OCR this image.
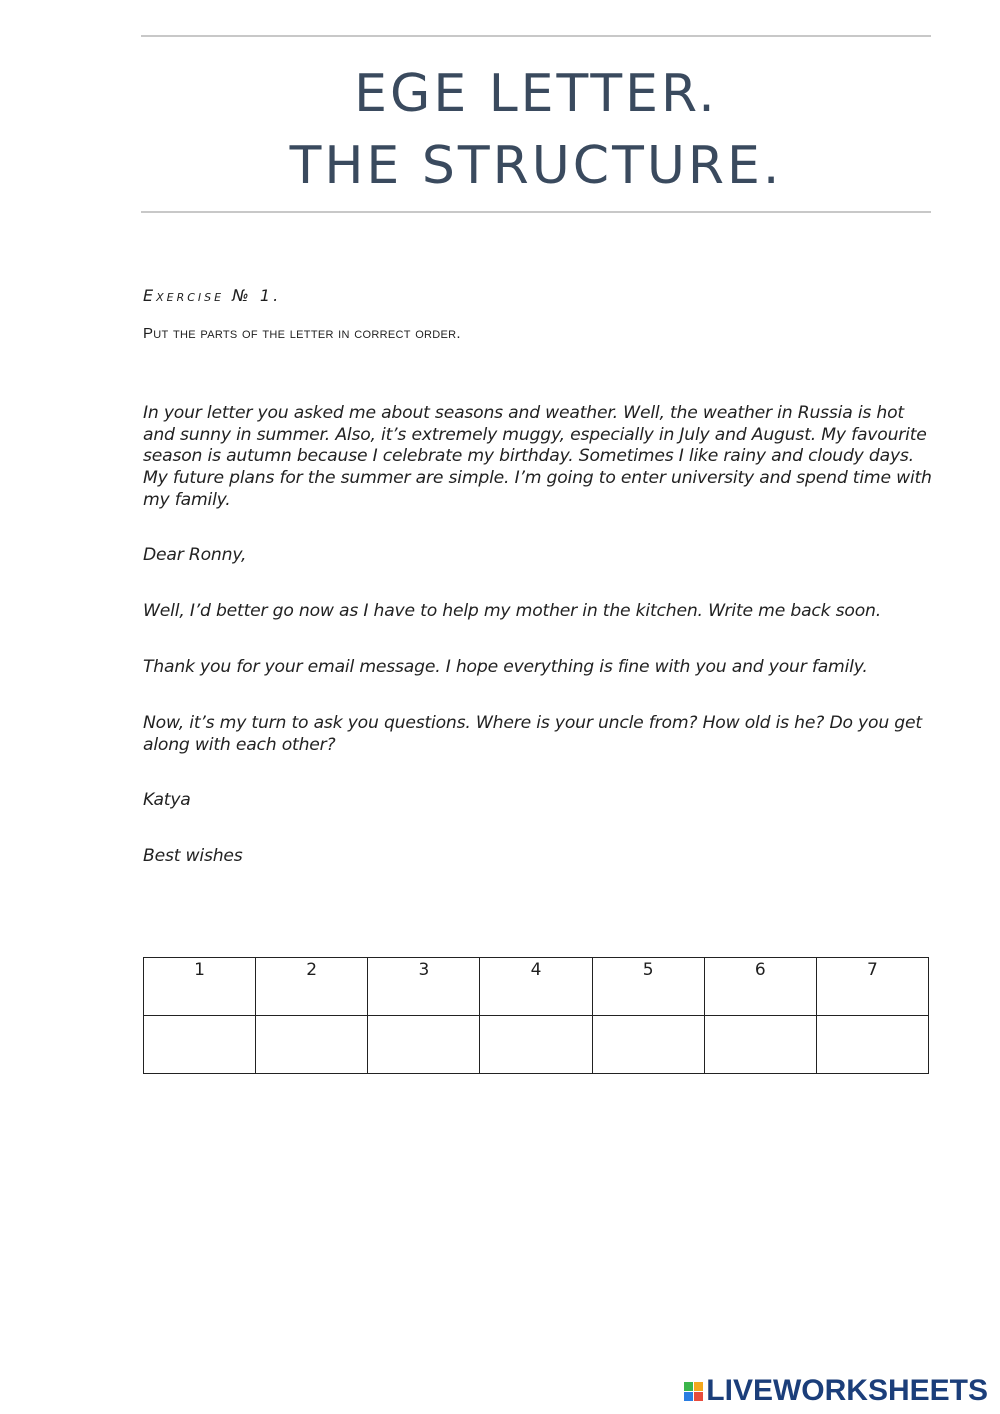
EGE LETTER.
THE STRUCTURE.
Exercise № 1.
Put the parts of the letter in correct order.
In your letter you asked me about seasons and weather. Well, the weather in Russia is hot and sunny in summer. Also, it’s extremely muggy, especially in July and August. My favourite season is autumn because I celebrate my birthday. Sometimes I like rainy and cloudy days. My future plans for the summer are simple. I’m going to enter university and spend time with my family.
Dear Ronny,
Well, I’d better go now as I have to help my mother in the kitchen. Write me back soon.
Thank you for your email message. I hope everything is fine with you and your family.
Now, it’s my turn to ask you questions. Where is your uncle from? How old is he? Do you get along with each other?
Katya
Best wishes
1	2	3	4	5	6	7

LIVEWORKSHEETS
